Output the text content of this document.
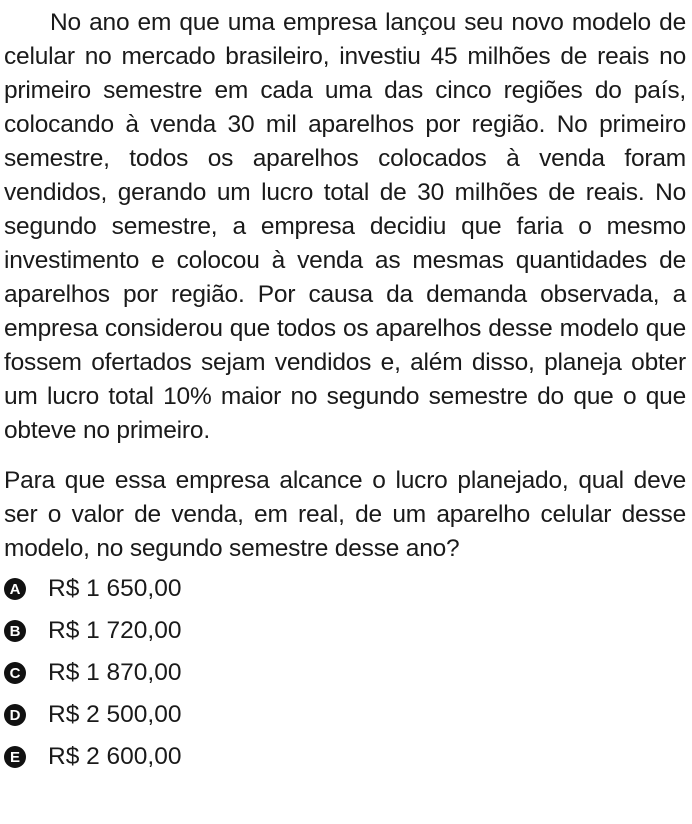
No ano em que uma empresa lançou seu novo modelo de celular no mercado brasileiro, investiu 45 milhões de reais no primeiro semestre em cada uma das cinco regiões do país, colocando à venda 30 mil aparelhos por região. No primeiro semestre, todos os aparelhos colocados à venda foram vendidos, gerando um lucro total de 30 milhões de reais. No segundo semestre, a empresa decidiu que faria o mesmo investimento e colocou à venda as mesmas quantidades de aparelhos por região. Por causa da demanda observada, a empresa considerou que todos os aparelhos desse modelo que fossem ofertados sejam vendidos e, além disso, planeja obter um lucro total 10% maior no segundo semestre do que o que obteve no primeiro.

Para que essa empresa alcance o lucro planejado, qual deve ser o valor de venda, em real, de um aparelho celular desse modelo, no segundo semestre desse ano?

A R$ 1 650,00
B R$ 1 720,00
C R$ 1 870,00
D R$ 2 500,00
E R$ 2 600,00
